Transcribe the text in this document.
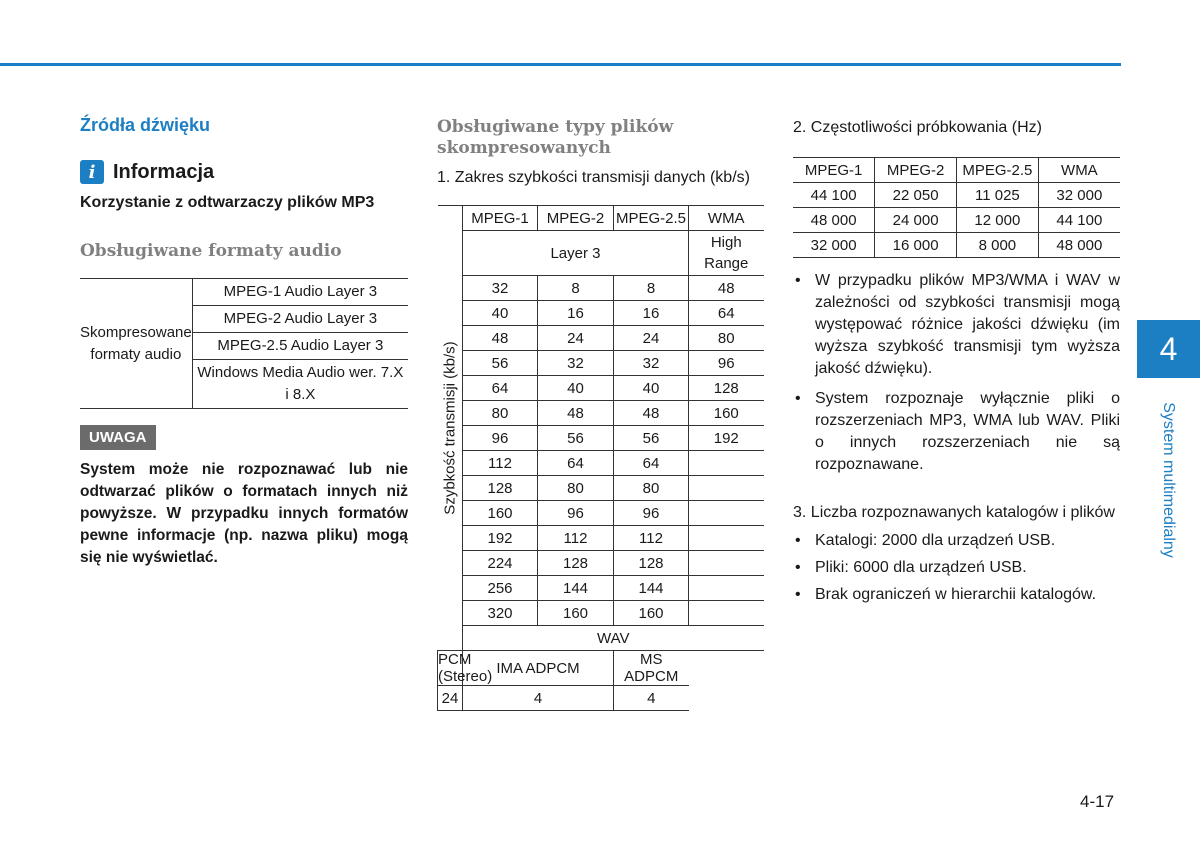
Źródła dźwięku
i Informacja
Korzystanie z odtwarzaczy plików MP3
Obsługiwane formaty audio
Skompresowane formaty audio	MPEG-1 Audio Layer 3
MPEG-2 Audio Layer 3
MPEG-2.5 Audio Layer 3
Windows Media Audio wer. 7.X i 8.X
UWAGA
System może nie rozpoznawać lub nie odtwarzać plików o formatach innych niż powyższe. W przypadku innych formatów pewne informacje (np. nazwa pliku) mogą się nie wyświetlać.
Obsługiwane typy plików skompresowanych

1. Zakres szybkości transmisji danych (kb/s)

Szybkość transmisji (kb/s)	MPEG-1	MPEG-2	MPEG-2.5	WMA
	Layer 3			High Range
	32	8	8	48
	40	16	16	64
	48	24	24	80
	56	32	32	96
	64	40	40	128
	80	48	48	160
	96	56	56	192
	112	64	64	
	128	80	80	
	160	96	96	
	192	112	112	
	224	128	128	
	256	144	144	
	320	160	160	
	WAV			
PCM (Stereo)	IMA ADPCM		MS ADPCM	
24	4		4	

2. Częstotliwości próbkowania (Hz)

MPEG-1	MPEG-2	MPEG-2.5	WMA
44 100	22 050	11 025	32 000
48 000	24 000	12 000	44 100
32 000	16 000	8 000	48 000
• W przypadku plików MP3/WMA i WAV w zależności od szybkości transmisji mogą występować różnice jakości dźwięku (im wyższa szybkość transmisji tym wyższa jakość dźwięku).
• System rozpoznaje wyłącznie pliki o rozszerzeniach MP3, WMA lub WAV. Pliki o innych rozszerzeniach nie są rozpoznawane.

3. Liczba rozpoznawanych katalogów i plików

• Katalogi: 2000 dla urządzeń USB.
• Pliki: 6000 dla urządzeń USB.
• Brak ograniczeń w hierarchii katalogów.
4
System multimedialny
4-17
